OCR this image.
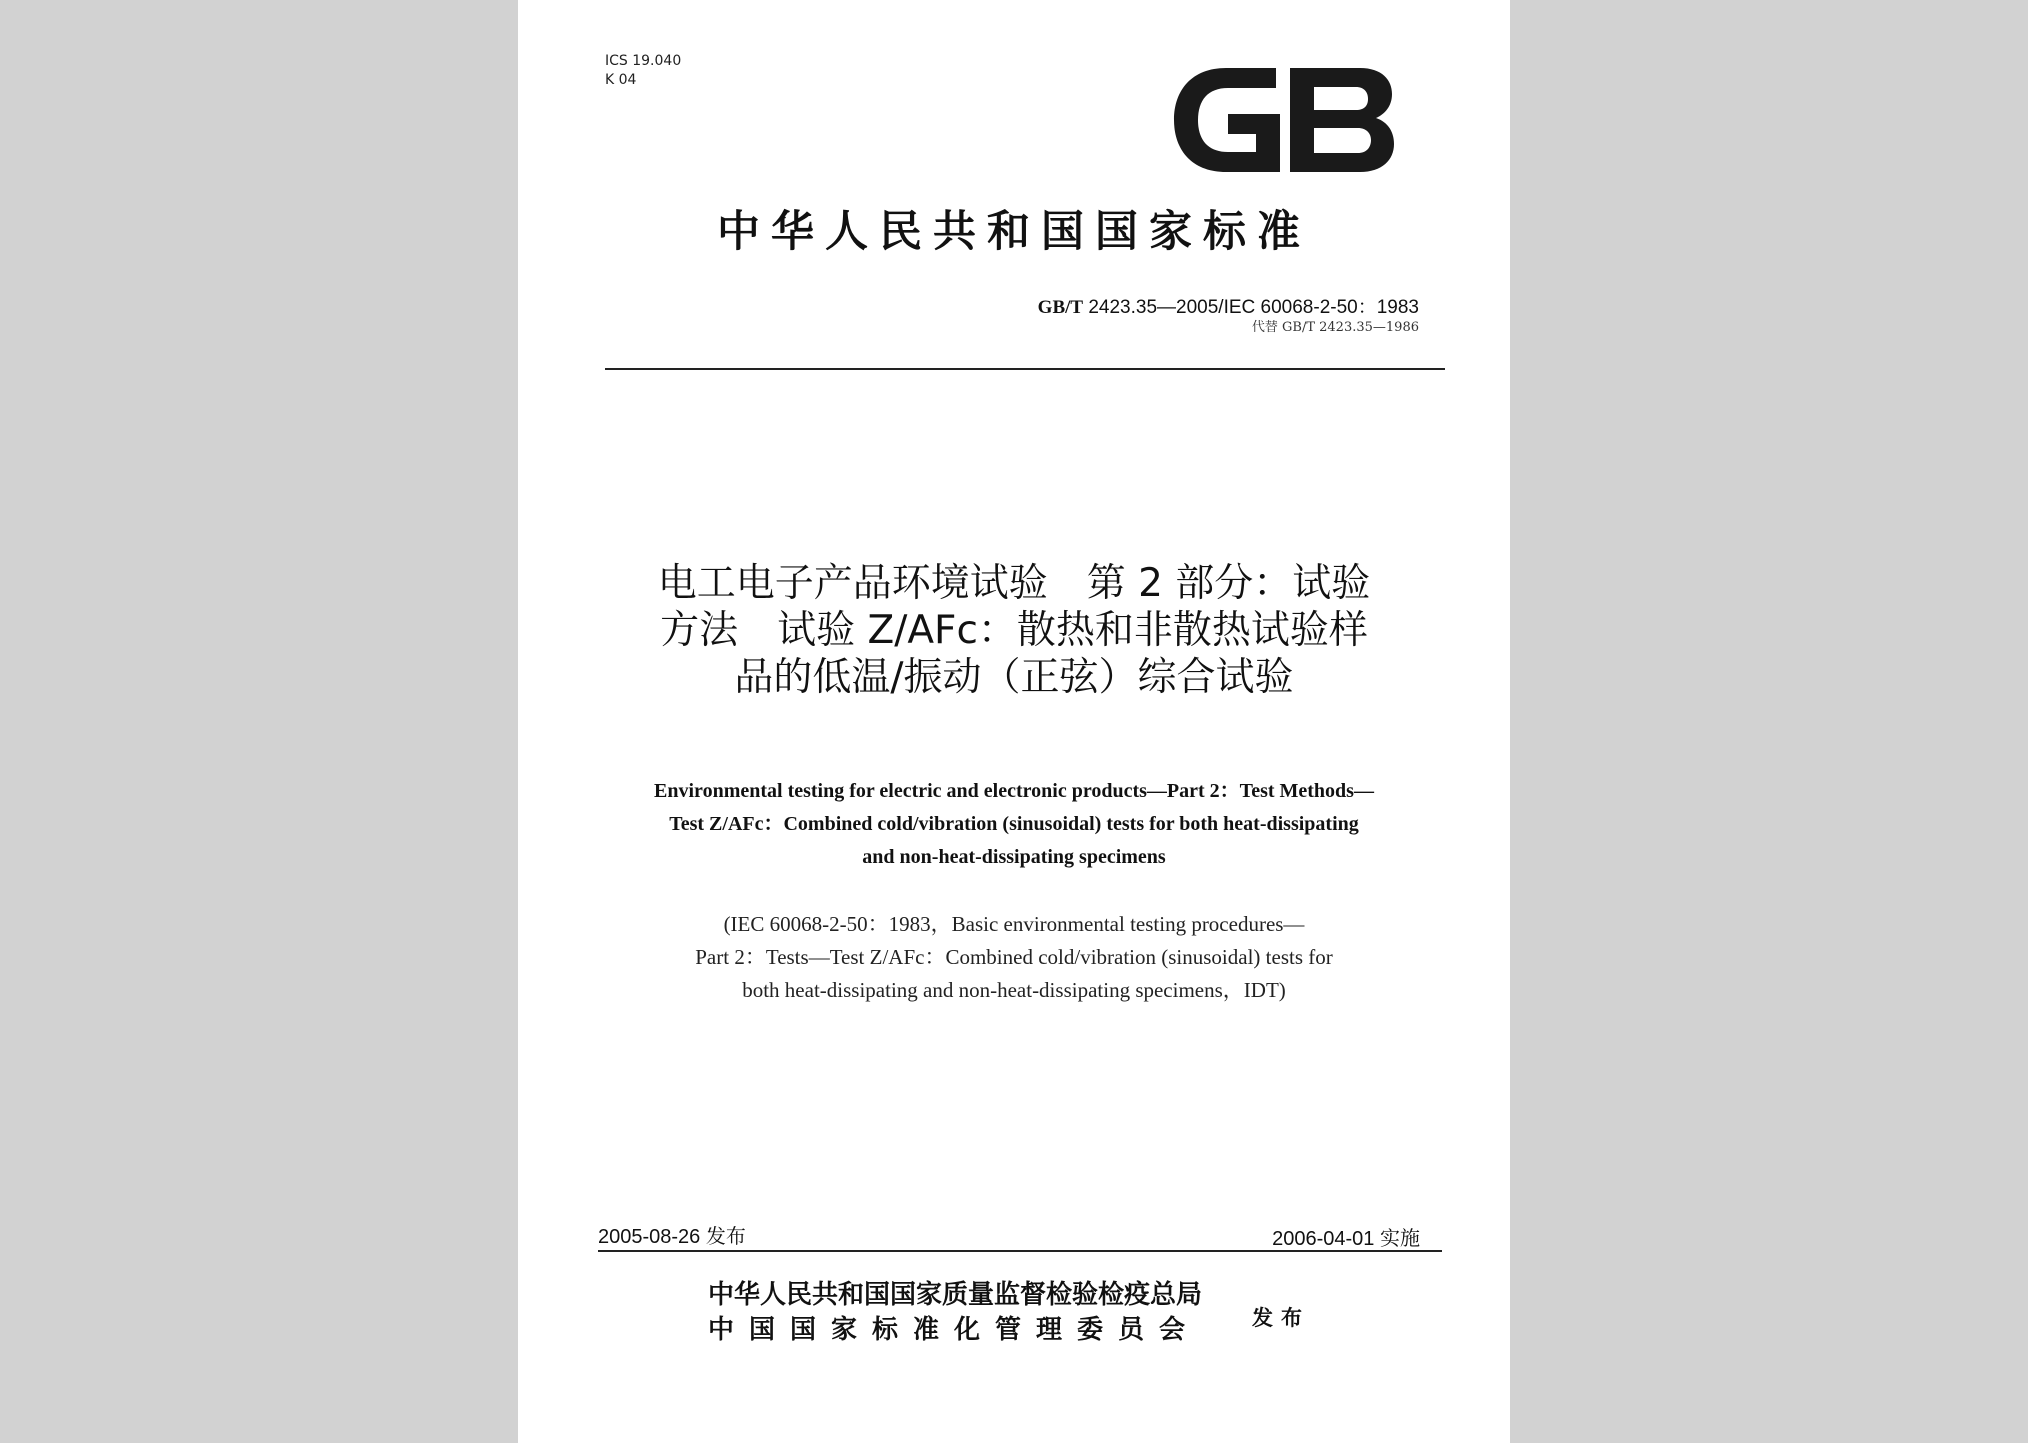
ICS 19.040
K 04
中华人民共和国国家标准
GB/T 2423.35—2005/IEC 60068-2-50：1983
代替 GB/T 2423.35—1986
电工电子产品环境试验　第 2 部分：试验
方法　试验 Z/AFc：散热和非散热试验样
品的低温/振动（正弦）综合试验
Environmental testing for electric and electronic products—Part 2：Test Methods—
Test Z/AFc：Combined cold/vibration (sinusoidal) tests for both heat-dissipating
and non-heat-dissipating specimens
(IEC 60068-2-50：1983，Basic environmental testing procedures—
Part 2：Tests—Test Z/AFc：Combined cold/vibration (sinusoidal) tests for
both heat-dissipating and non-heat-dissipating specimens，IDT)
2005-08-26 发布	2006-04-01 实施
中华人民共和国国家质量监督检验检疫总局
中国国家标准化管理委员会 发布
